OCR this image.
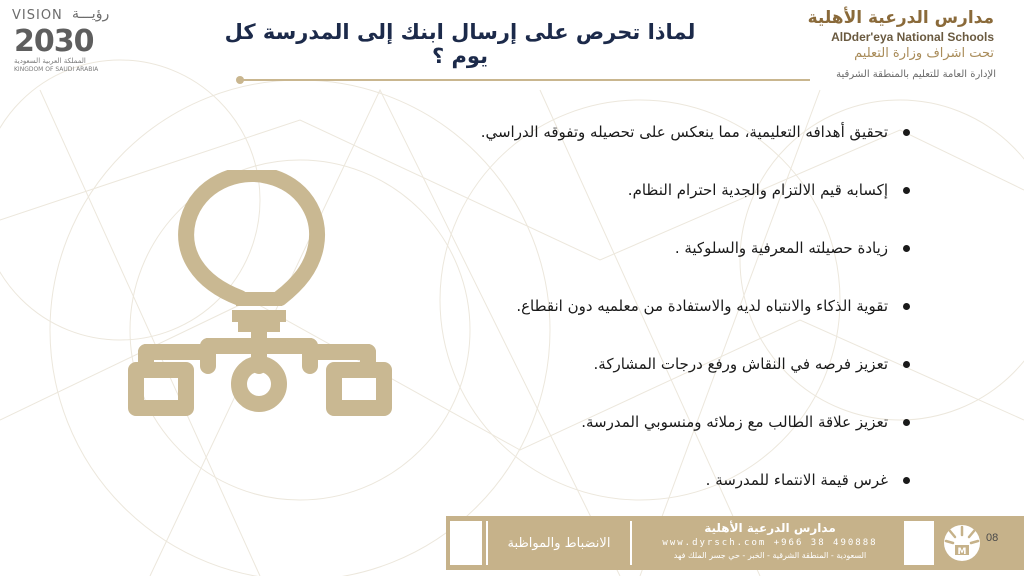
VISION رؤيـــة
2030
المملكة العربية السعودية
KINGDOM OF SAUDI ARABIA
لماذا تحرص على إرسال ابنك إلى المدرسة كل يوم ؟
مدارس الدرعية الأهلية
AlDder'eya National Schools
تحت اشراف وزارة التعليم
الإدارة العامة للتعليم بالمنطقة الشرقية
تحقيق أهدافه التعليمية، مما ينعكس على تحصيله وتفوقه الدراسي.
إكسابه قيم الالتزام والجدية احترام النظام.
زيادة حصيلته المعرفية والسلوكية .
تقوية الذكاء والانتباه لديه والاستفادة من معلميه دون انقطاع.
تعزيز فرصه في النقاش ورفع درجات المشاركة.
تعزيز علاقة الطالب مع زملائه ومنسوبي المدرسة.
غرس قيمة الانتماء للمدرسة .
الانضباط والمواظبة
مدارس الدرعية الأهلية
www.dyrsch.com +966 38 490888
السعودية - المنطقة الشرقية - الخبر - حي جسر الملك فهد	M
08
